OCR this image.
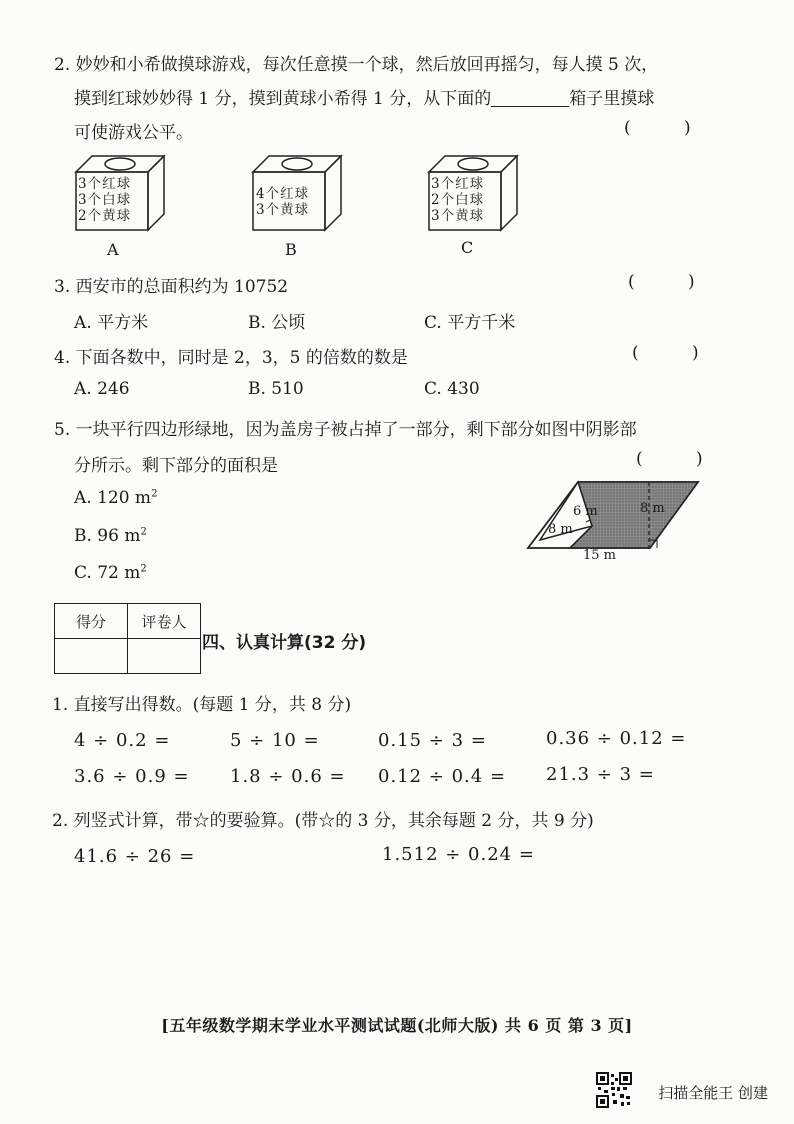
2. 妙妙和小希做摸球游戏，每次任意摸一个球，然后放回再摇匀，每人摸 5 次，
摸到红球妙妙得 1 分，摸到黄球小希得 1 分，从下面的	箱子里摸球
可使游戏公平。	( )
3个红球
3个白球
2个黄球
A
4个红球
3个黄球
B
3个红球
2个白球
3个黄球
C
3. 西安市的总面积约为 10752	( )
A. 平方米	B. 公顷	C. 平方千米
4. 下面各数中，同时是 2，3，5 的倍数的数是	( )
A. 246	B. 510	C. 430
5. 一块平行四边形绿地，因为盖房子被占掉了一部分，剩下部分如图中阴影部
分所示。剩下部分的面积是	( )
A. 120 $m^2$
B. 96 $m^2$
C. 72 $m^2$
6 m	8 m
8 m
15 m
得分	评卷人

四、认真计算(32 分)
1. 直接写出得数。(每题 1 分，共 8 分)
4 ÷ 0.2 =	5 ÷ 10 =	0.15 ÷ 3 =	0.36 ÷ 0.12 =
3.6 ÷ 0.9 = 1.8 ÷ 0.6 = 0.12 ÷ 0.4 = 21.3 ÷ 3 =
2. 列竖式计算，带☆的要验算。(带☆的 3 分，其余每题 2 分，共 9 分)
41.6 ÷ 26 =	1.512 ÷ 0.24 =
[五年级数学期末学业水平测试试题(北师大版) 共 6 页 第 3 页]
扫描全能王 创建
